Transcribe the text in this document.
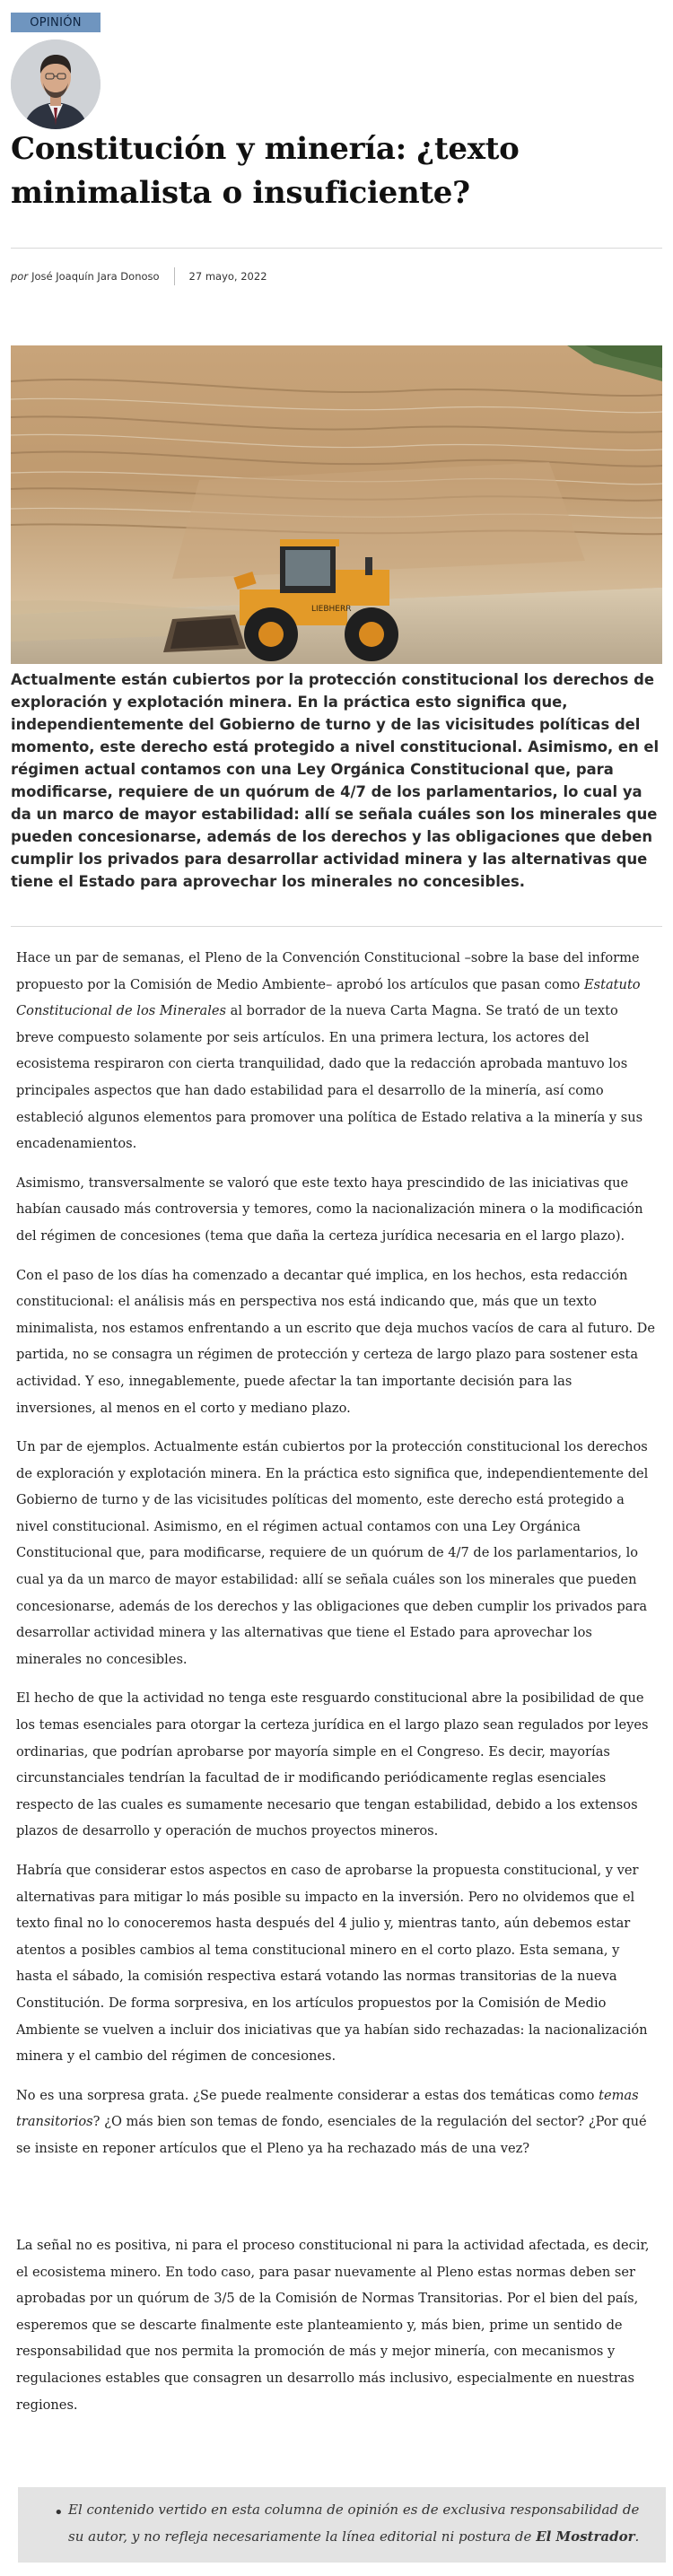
OPINIÓN
Constitución y minería: ¿texto minimalista o insuficiente?
por José Joaquín Jara Donoso	27 mayo, 2022
LIEBHERR

Actualmente están cubiertos por la protección constitucional los derechos de exploración y explotación minera. En la práctica esto significa que, independientemente del Gobierno de turno y de las vicisitudes políticas del momento, este derecho está protegido a nivel constitucional. Asimismo, en el régimen actual contamos con una Ley Orgánica Constitucional que, para modificarse, requiere de un quórum de 4/7 de los parlamentarios, lo cual ya da un marco de mayor estabilidad: allí se señala cuáles son los minerales que pueden concesionarse, además de los derechos y las obligaciones que deben cumplir los privados para desarrollar actividad minera y las alternativas que tiene el Estado para aprovechar los minerales no concesibles.

Hace un par de semanas, el Pleno de la Convención Constitucional –sobre la base del informe propuesto por la Comisión de Medio Ambiente– aprobó los artículos que pasan como Estatuto Constitucional de los Minerales al borrador de la nueva Carta Magna. Se trató de un texto breve compuesto solamente por seis artículos. En una primera lectura, los actores del ecosistema respiraron con cierta tranquilidad, dado que la redacción aprobada mantuvo los principales aspectos que han dado estabilidad para el desarrollo de la minería, así como estableció algunos elementos para promover una política de Estado relativa a la minería y sus encadenamientos.

Asimismo, transversalmente se valoró que este texto haya prescindido de las iniciativas que habían causado más controversia y temores, como la nacionalización minera o la modificación del régimen de concesiones (tema que daña la certeza jurídica necesaria en el largo plazo).

Con el paso de los días ha comenzado a decantar qué implica, en los hechos, esta redacción constitucional: el análisis más en perspectiva nos está indicando que, más que un texto minimalista, nos estamos enfrentando a un escrito que deja muchos vacíos de cara al futuro. De partida, no se consagra un régimen de protección y certeza de largo plazo para sostener esta actividad. Y eso, innegablemente, puede afectar la tan importante decisión para las inversiones, al menos en el corto y mediano plazo.

Un par de ejemplos. Actualmente están cubiertos por la protección constitucional los derechos de exploración y explotación minera. En la práctica esto significa que, independientemente del Gobierno de turno y de las vicisitudes políticas del momento, este derecho está protegido a nivel constitucional. Asimismo, en el régimen actual contamos con una Ley Orgánica Constitucional que, para modificarse, requiere de un quórum de 4/7 de los parlamentarios, lo cual ya da un marco de mayor estabilidad: allí se señala cuáles son los minerales que pueden concesionarse, además de los derechos y las obligaciones que deben cumplir los privados para desarrollar actividad minera y las alternativas que tiene el Estado para aprovechar los minerales no concesibles.

El hecho de que la actividad no tenga este resguardo constitucional abre la posibilidad de que los temas esenciales para otorgar la certeza jurídica en el largo plazo sean regulados por leyes ordinarias, que podrían aprobarse por mayoría simple en el Congreso. Es decir, mayorías circunstanciales tendrían la facultad de ir modificando periódicamente reglas esenciales respecto de las cuales es sumamente necesario que tengan estabilidad, debido a los extensos plazos de desarrollo y operación de muchos proyectos mineros.

Habría que considerar estos aspectos en caso de aprobarse la propuesta constitucional, y ver alternativas para mitigar lo más posible su impacto en la inversión. Pero no olvidemos que el texto final no lo conoceremos hasta después del 4 julio y, mientras tanto, aún debemos estar atentos a posibles cambios al tema constitucional minero en el corto plazo. Esta semana, y hasta el sábado, la comisión respectiva estará votando las normas transitorias de la nueva Constitución. De forma sorpresiva, en los artículos propuestos por la Comisión de Medio Ambiente se vuelven a incluir dos iniciativas que ya habían sido rechazadas: la nacionalización minera y el cambio del régimen de concesiones.

No es una sorpresa grata. ¿Se puede realmente considerar a estas dos temáticas como temas transitorios? ¿O más bien son temas de fondo, esenciales de la regulación del sector? ¿Por qué se insiste en reponer artículos que el Pleno ya ha rechazado más de una vez?

La señal no es positiva, ni para el proceso constitucional ni para la actividad afectada, es decir, el ecosistema minero. En todo caso, para pasar nuevamente al Pleno estas normas deben ser aprobadas por un quórum de 3/5 de la Comisión de Normas Transitorias. Por el bien del país, esperemos que se descarte finalmente este planteamiento y, más bien, prime un sentido de responsabilidad que nos permita la promoción de más y mejor minería, con mecanismos y regulaciones estables que consagren un desarrollo más inclusivo, especialmente en nuestras regiones.

• El contenido vertido en esta columna de opinión es de exclusiva responsabilidad de su autor, y no refleja necesariamente la línea editorial ni postura de El Mostrador.
